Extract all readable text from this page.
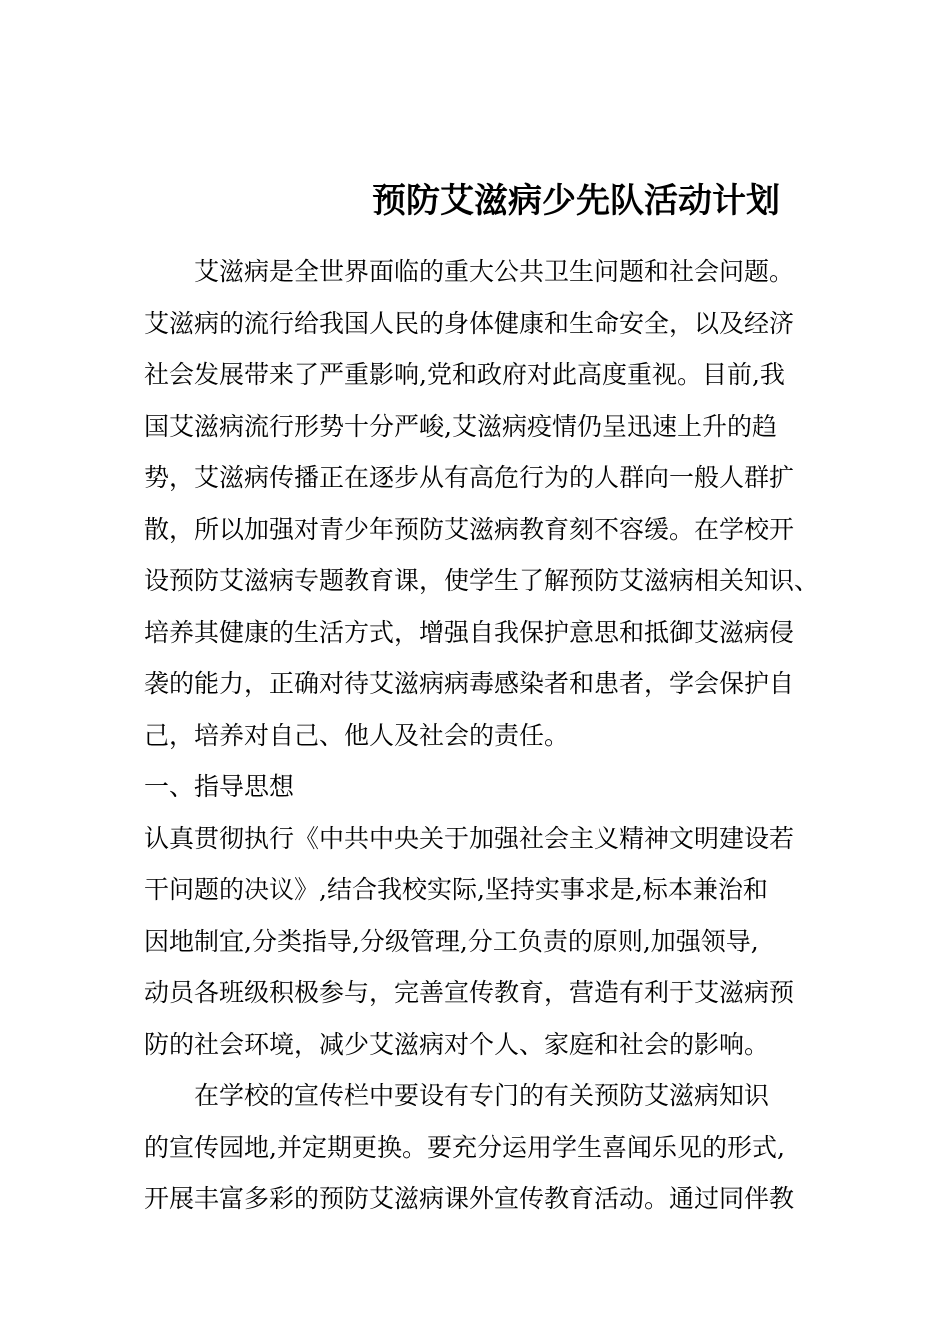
预防艾滋病少先队活动计划
艾滋病是全世界面临的重大公共卫生问题和社会问题。
艾滋病的流行给我国人民的身体健康和生命安全，以及经济
社会发展带来了严重影响,党和政府对此高度重视。目前,我
国艾滋病流行形势十分严峻,艾滋病疫情仍呈迅速上升的趋
势，艾滋病传播正在逐步从有高危行为的人群向一般人群扩
散，所以加强对青少年预防艾滋病教育刻不容缓。在学校开
设预防艾滋病专题教育课，使学生了解预防艾滋病相关知识、
培养其健康的生活方式，增强自我保护意思和抵御艾滋病侵
袭的能力，正确对待艾滋病病毒感染者和患者，学会保护自
己，培养对自己、他人及社会的责任。
一、指导思想
认真贯彻执行《中共中央关于加强社会主义精神文明建设若
干问题的决议》,结合我校实际,坚持实事求是,标本兼治和
因地制宜,分类指导,分级管理,分工负责的原则,加强领导,
动员各班级积极参与，完善宣传教育，营造有利于艾滋病预
防的社会环境，减少艾滋病对个人、家庭和社会的影响。
在学校的宣传栏中要设有专门的有关预防艾滋病知识
的宣传园地,并定期更换。要充分运用学生喜闻乐见的形式,
开展丰富多彩的预防艾滋病课外宣传教育活动。通过同伴教
